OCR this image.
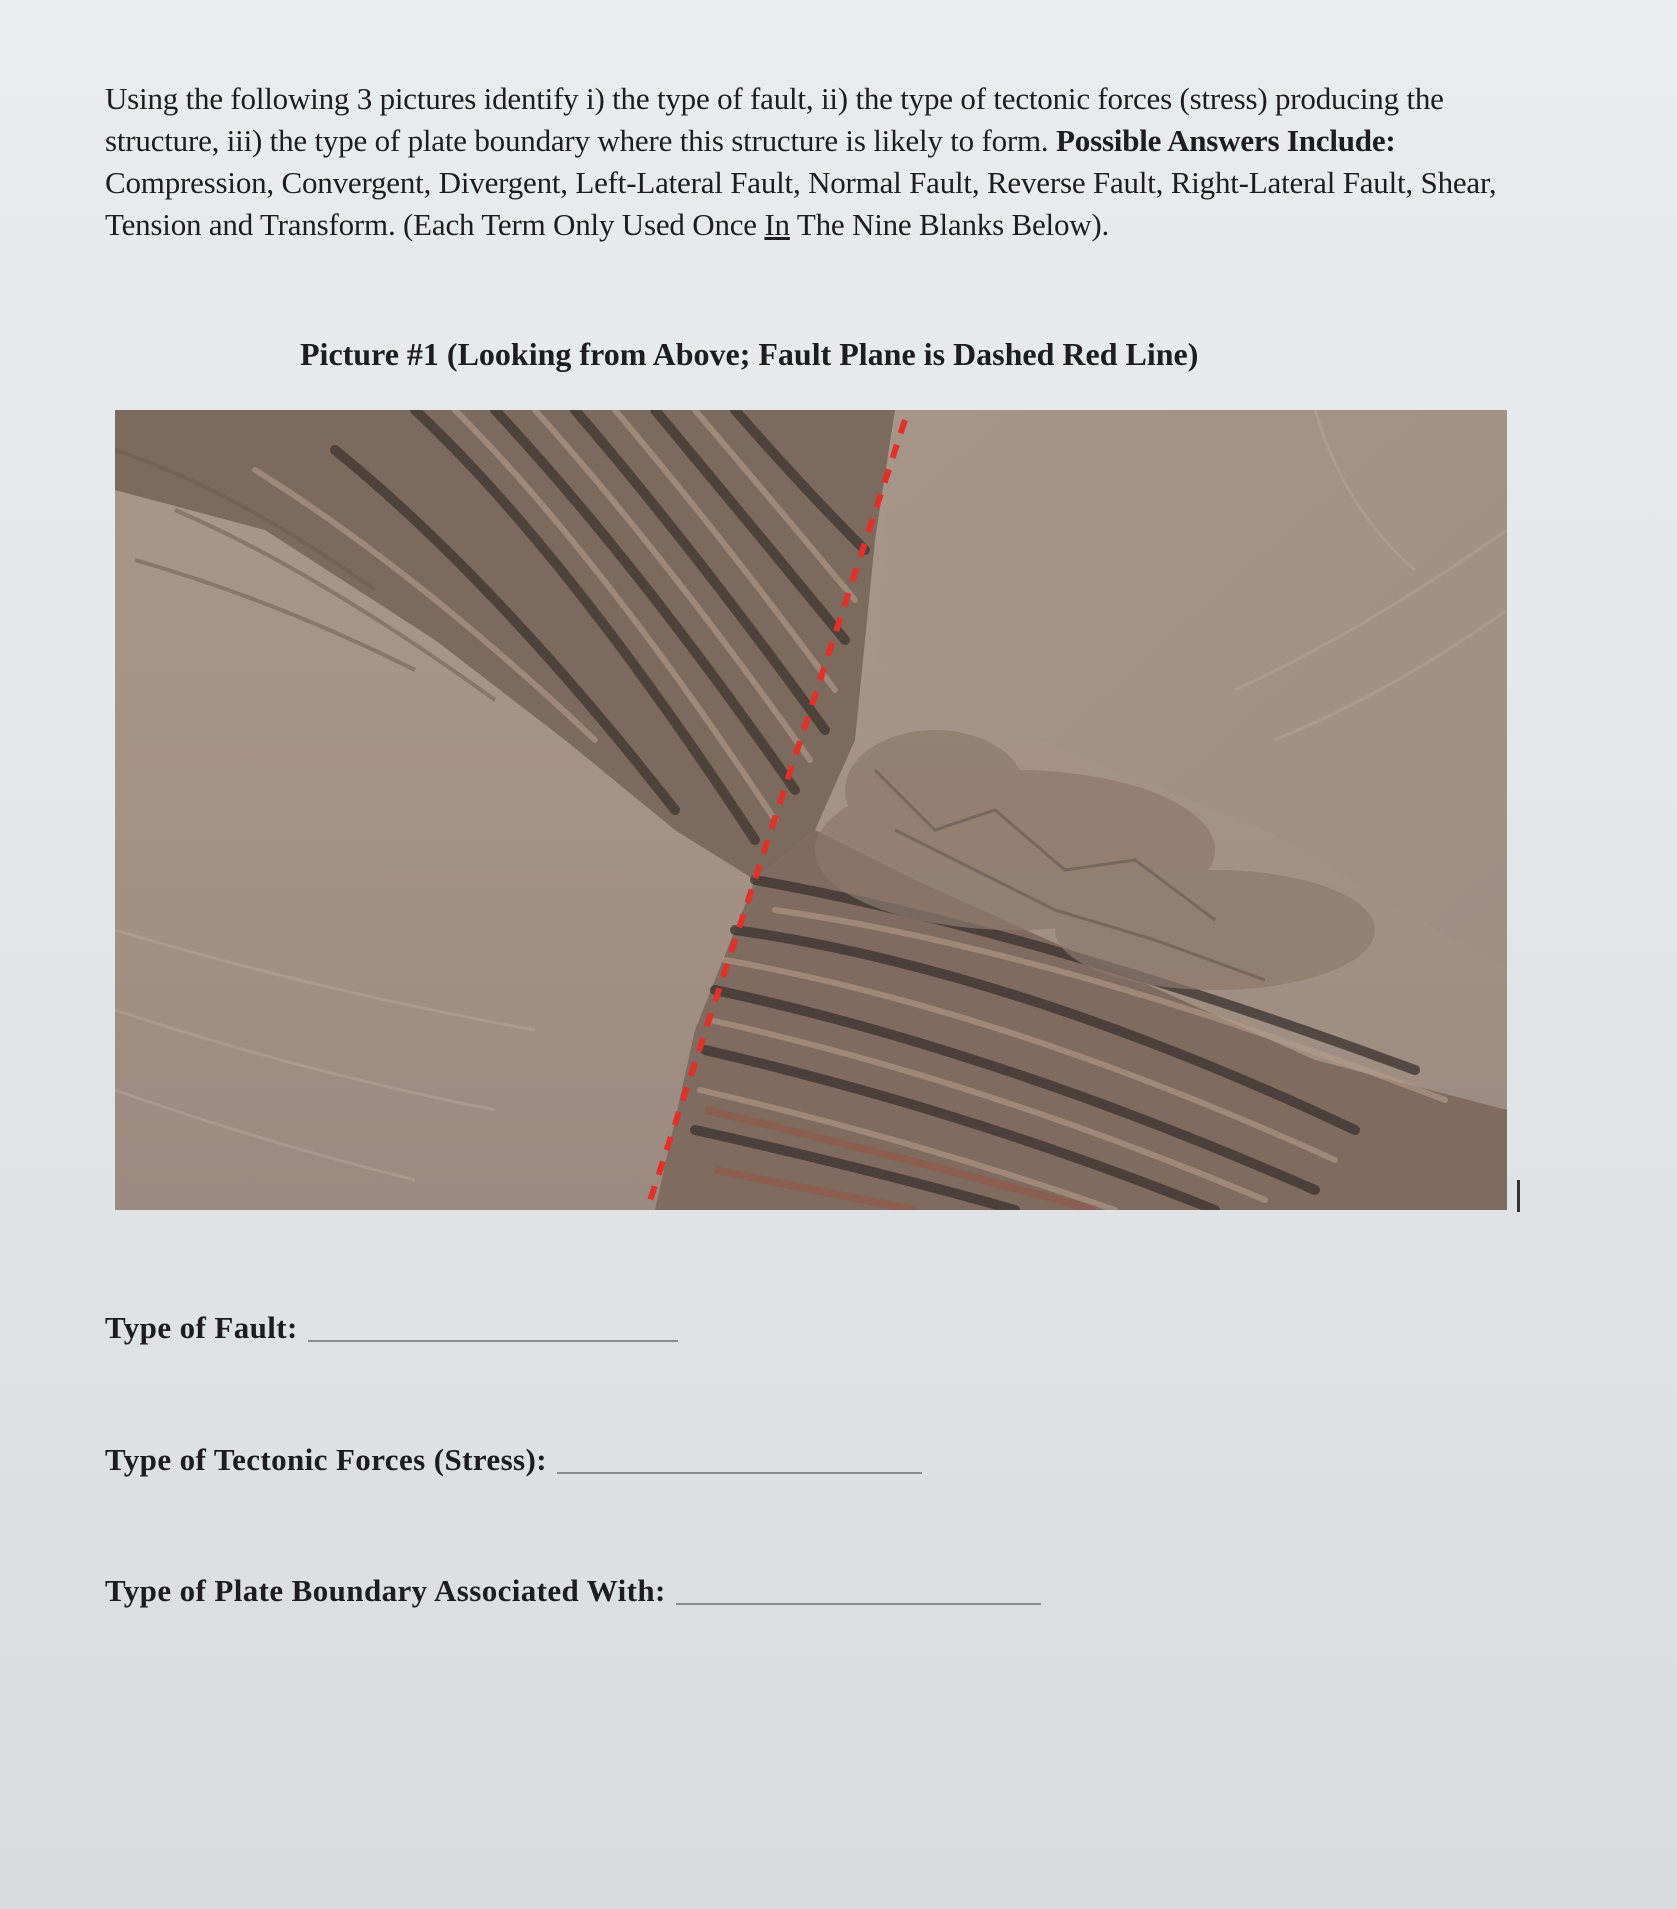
Using the following 3 pictures identify i) the type of fault, ii) the type of tectonic forces (stress) producing the structure, iii) the type of plate boundary where this structure is likely to form. Possible Answers Include: Compression, Convergent, Divergent, Left-Lateral Fault, Normal Fault, Reverse Fault, Right-Lateral Fault, Shear, Tension and Transform. (Each Term Only Used Once In The Nine Blanks Below).
Picture #1 (Looking from Above; Fault Plane is Dashed Red Line)
Type of Fault:
Type of Tectonic Forces (Stress):
Type of Plate Boundary Associated With:
